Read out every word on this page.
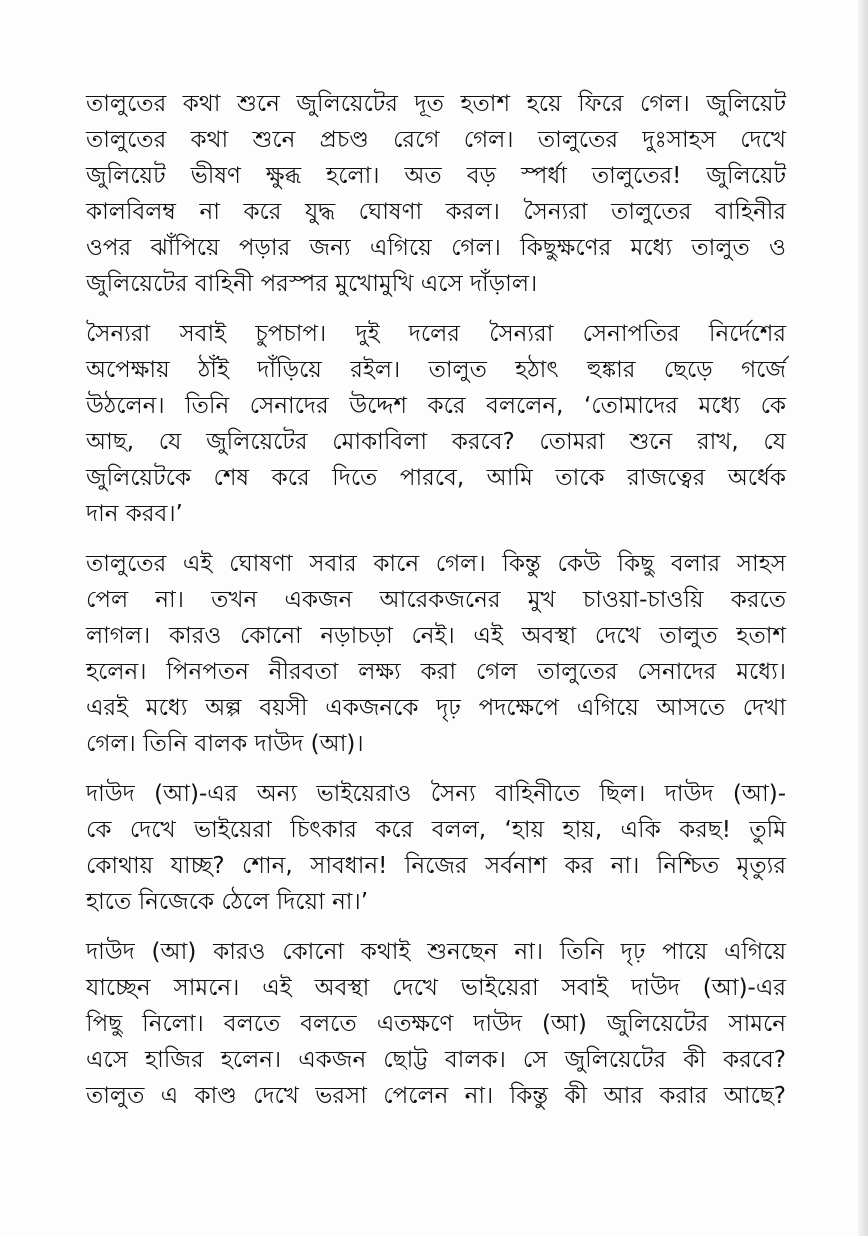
তালুতের কথা শুনে জুলিয়েটের দূত হতাশ হয়ে ফিরে গেল। জুলিয়েট
তালুতের কথা শুনে প্রচণ্ড রেগে গেল। তালুতের দুঃসাহস দেখে
জুলিয়েট ভীষণ ক্ষুব্ধ হলো। অত বড় স্পর্ধা তালুতের! জুলিয়েট
কালবিলম্ব না করে যুদ্ধ ঘোষণা করল। সৈন্যরা তালুতের বাহিনীর
ওপর ঝাঁপিয়ে পড়ার জন্য এগিয়ে গেল। কিছুক্ষণের মধ্যে তালুত ও
জুলিয়েটের বাহিনী পরস্পর মুখোমুখি এসে দাঁড়াল।

সৈন্যরা সবাই চুপচাপ। দুই দলের সৈন্যরা সেনাপতির নির্দেশের
অপেক্ষায় ঠাঁই দাঁড়িয়ে রইল। তালুত হঠাৎ হুঙ্কার ছেড়ে গর্জে
উঠলেন। তিনি সেনাদের উদ্দেশ করে বললেন, ‘তোমাদের মধ্যে কে
আছ, যে জুলিয়েটের মোকাবিলা করবে? তোমরা শুনে রাখ, যে
জুলিয়েটকে শেষ করে দিতে পারবে, আমি তাকে রাজত্বের অর্ধেক
দান করব।’

তালুতের এই ঘোষণা সবার কানে গেল। কিন্তু কেউ কিছু বলার সাহস
পেল না। তখন একজন আরেকজনের মুখ চাওয়া-চাওয়ি করতে
লাগল। কারও কোনো নড়াচড়া নেই। এই অবস্থা দেখে তালুত হতাশ
হলেন। পিনপতন নীরবতা লক্ষ্য করা গেল তালুতের সেনাদের মধ্যে।
এরই মধ্যে অল্প বয়সী একজনকে দৃঢ় পদক্ষেপে এগিয়ে আসতে দেখা
গেল। তিনি বালক দাউদ (আ)।

দাউদ (আ)-এর অন্য ভাইয়েরাও সৈন্য বাহিনীতে ছিল। দাউদ (আ)-
কে দেখে ভাইয়েরা চিৎকার করে বলল, ‘হায় হায়, একি করছ! তুমি
কোথায় যাচ্ছ? শোন, সাবধান! নিজের সর্বনাশ কর না। নিশ্চিত মৃত্যুর
হাতে নিজেকে ঠেলে দিয়ো না।’

দাউদ (আ) কারও কোনো কথাই শুনছেন না। তিনি দৃঢ় পায়ে এগিয়ে
যাচ্ছেন সামনে। এই অবস্থা দেখে ভাইয়েরা সবাই দাউদ (আ)-এর
পিছু নিলো। বলতে বলতে এতক্ষণে দাউদ (আ) জুলিয়েটের সামনে
এসে হাজির হলেন। একজন ছোট্ট বালক। সে জুলিয়েটের কী করবে?
তালুত এ কাণ্ড দেখে ভরসা পেলেন না। কিন্তু কী আর করার আছে?
